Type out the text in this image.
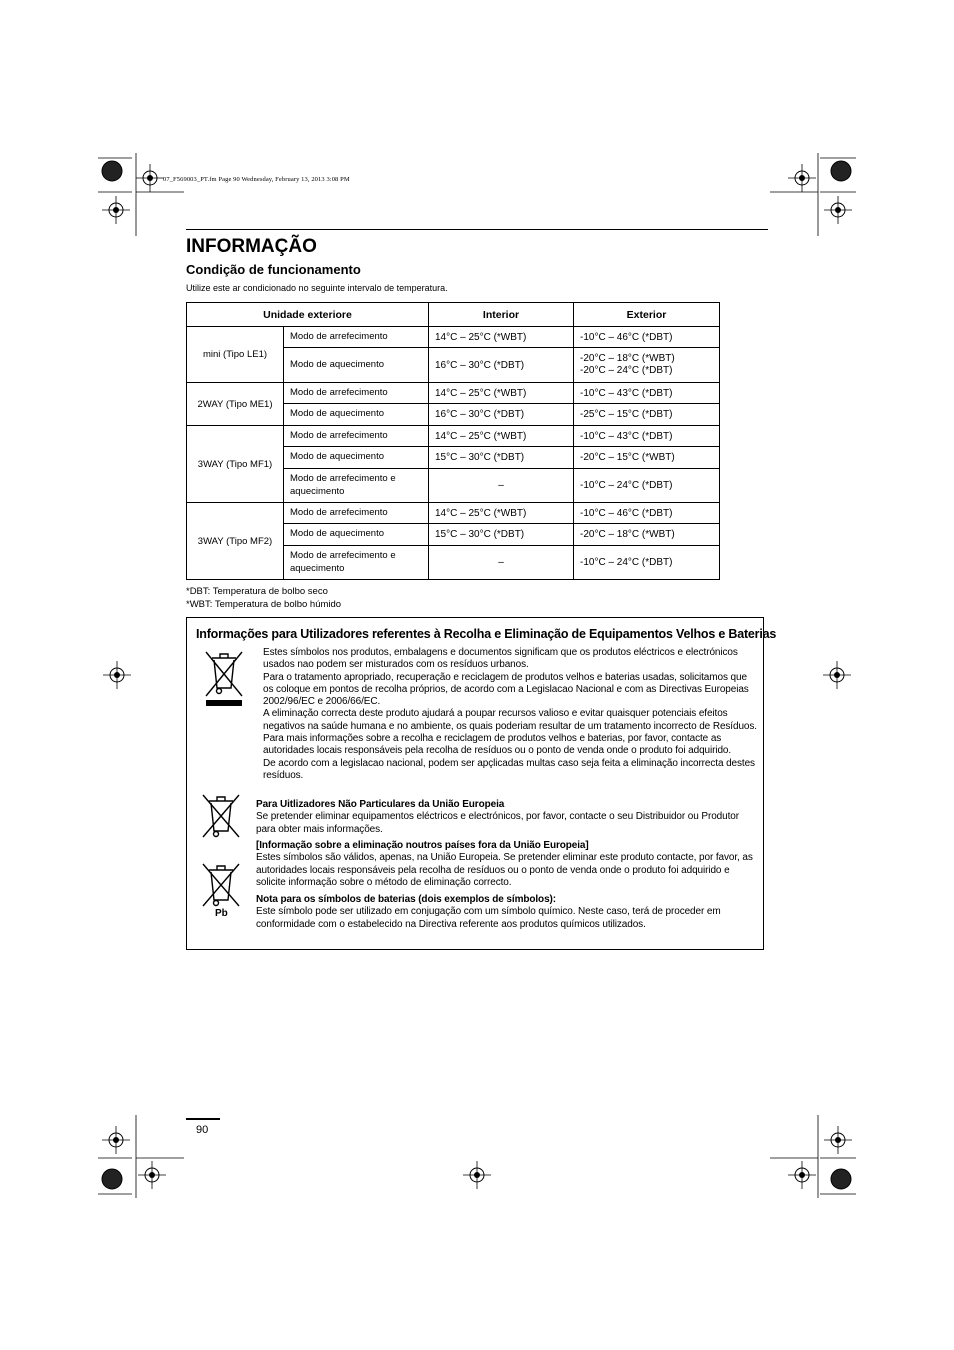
07_F569003_PT.fm Page 90 Wednesday, February 13, 2013 3:08 PM
INFORMAÇÃO
Condição de funcionamento
Utilize este ar condicionado no seguinte intervalo de temperatura.
Unidade exteriore		Interior	Exterior
mini (Tipo LE1)	Modo de arrefecimento	14°C – 25°C (*WBT)	-10°C – 46°C (*DBT)
	Modo de aquecimento	16°C – 30°C (*DBT)	-20°C – 18°C (*WBT)
-20°C – 24°C (*DBT)

2WAY (Tipo ME1)	Modo de arrefecimento	14°C – 25°C (*WBT)	-10°C – 43°C (*DBT)
	Modo de aquecimento	16°C – 30°C (*DBT)	-25°C – 15°C (*DBT)
3WAY (Tipo MF1)	Modo de arrefecimento	14°C – 25°C (*WBT)	-10°C – 43°C (*DBT)
	Modo de aquecimento	15°C – 30°C (*DBT)	-20°C – 15°C (*WBT)
	Modo de arrefecimento e aquecimento	–	-10°C – 24°C (*DBT)
3WAY (Tipo MF2)	Modo de arrefecimento	14°C – 25°C (*WBT)	-10°C – 46°C (*DBT)
	Modo de aquecimento	15°C – 30°C (*DBT)	-20°C – 18°C (*WBT)
	Modo de arrefecimento e aquecimento	–	-10°C – 24°C (*DBT)
*DBT: Temperatura de bolbo seco
*WBT: Temperatura de bolbo húmido
Informações para Utilizadores referentes à Recolha e Eliminação de Equipamentos Velhos e Baterias
Estes símbolos nos produtos, embalagens e documentos significam que os produtos eléctricos e electrónicos usados nao podem ser misturados com os resíduos urbanos.
Para o tratamento apropriado, recuperação e reciclagem de produtos velhos e baterias usadas, solicitamos que os coloque em pontos de recolha próprios, de acordo com a Legislacao Nacional e com as Directivas Europeias 2002/96/EC e 2006/66/EC.
A eliminação correcta deste produto ajudará a poupar recursos valioso e evitar quaisquer potenciais efeitos negativos na saúde humana e no ambiente, os quais poderiam resultar de um tratamento incorrecto de Resíduos.
Para mais informações sobre a recolha e reciclagem de produtos velhos e baterias, por favor, contacte as autoridades locais responsáveis pela recolha de resíduos ou o ponto de venda onde o produto foi adquirido.
De acordo com a legislacao nacional, podem ser apçlicadas multas caso seja feita a eliminação incorrecta destes resíduos.
Para Uitlizadores Não Particulares da União Europeia
Se pretender eliminar equipamentos eléctricos e electrónicos, por favor, contacte o seu Distribuidor ou Produtor para obter mais informações.
[Informação sobre a eliminação noutros países fora da União Europeia]
Estes símbolos são válidos, apenas, na União Europeia. Se pretender eliminar este produto contacte, por favor, as autoridades locais responsáveis pela recolha de resíduos ou o ponto de venda onde o produto foi adquirido e solicite informação sobre o método de eliminação correcto.
Pb
Nota para os símbolos de baterias (dois exemplos de símbolos):
Este símbolo pode ser utilizado em conjugação com um símbolo químico. Neste caso, terá de proceder em conformidade com o estabelecido na Directiva referente aos produtos químicos utilizados.
90
